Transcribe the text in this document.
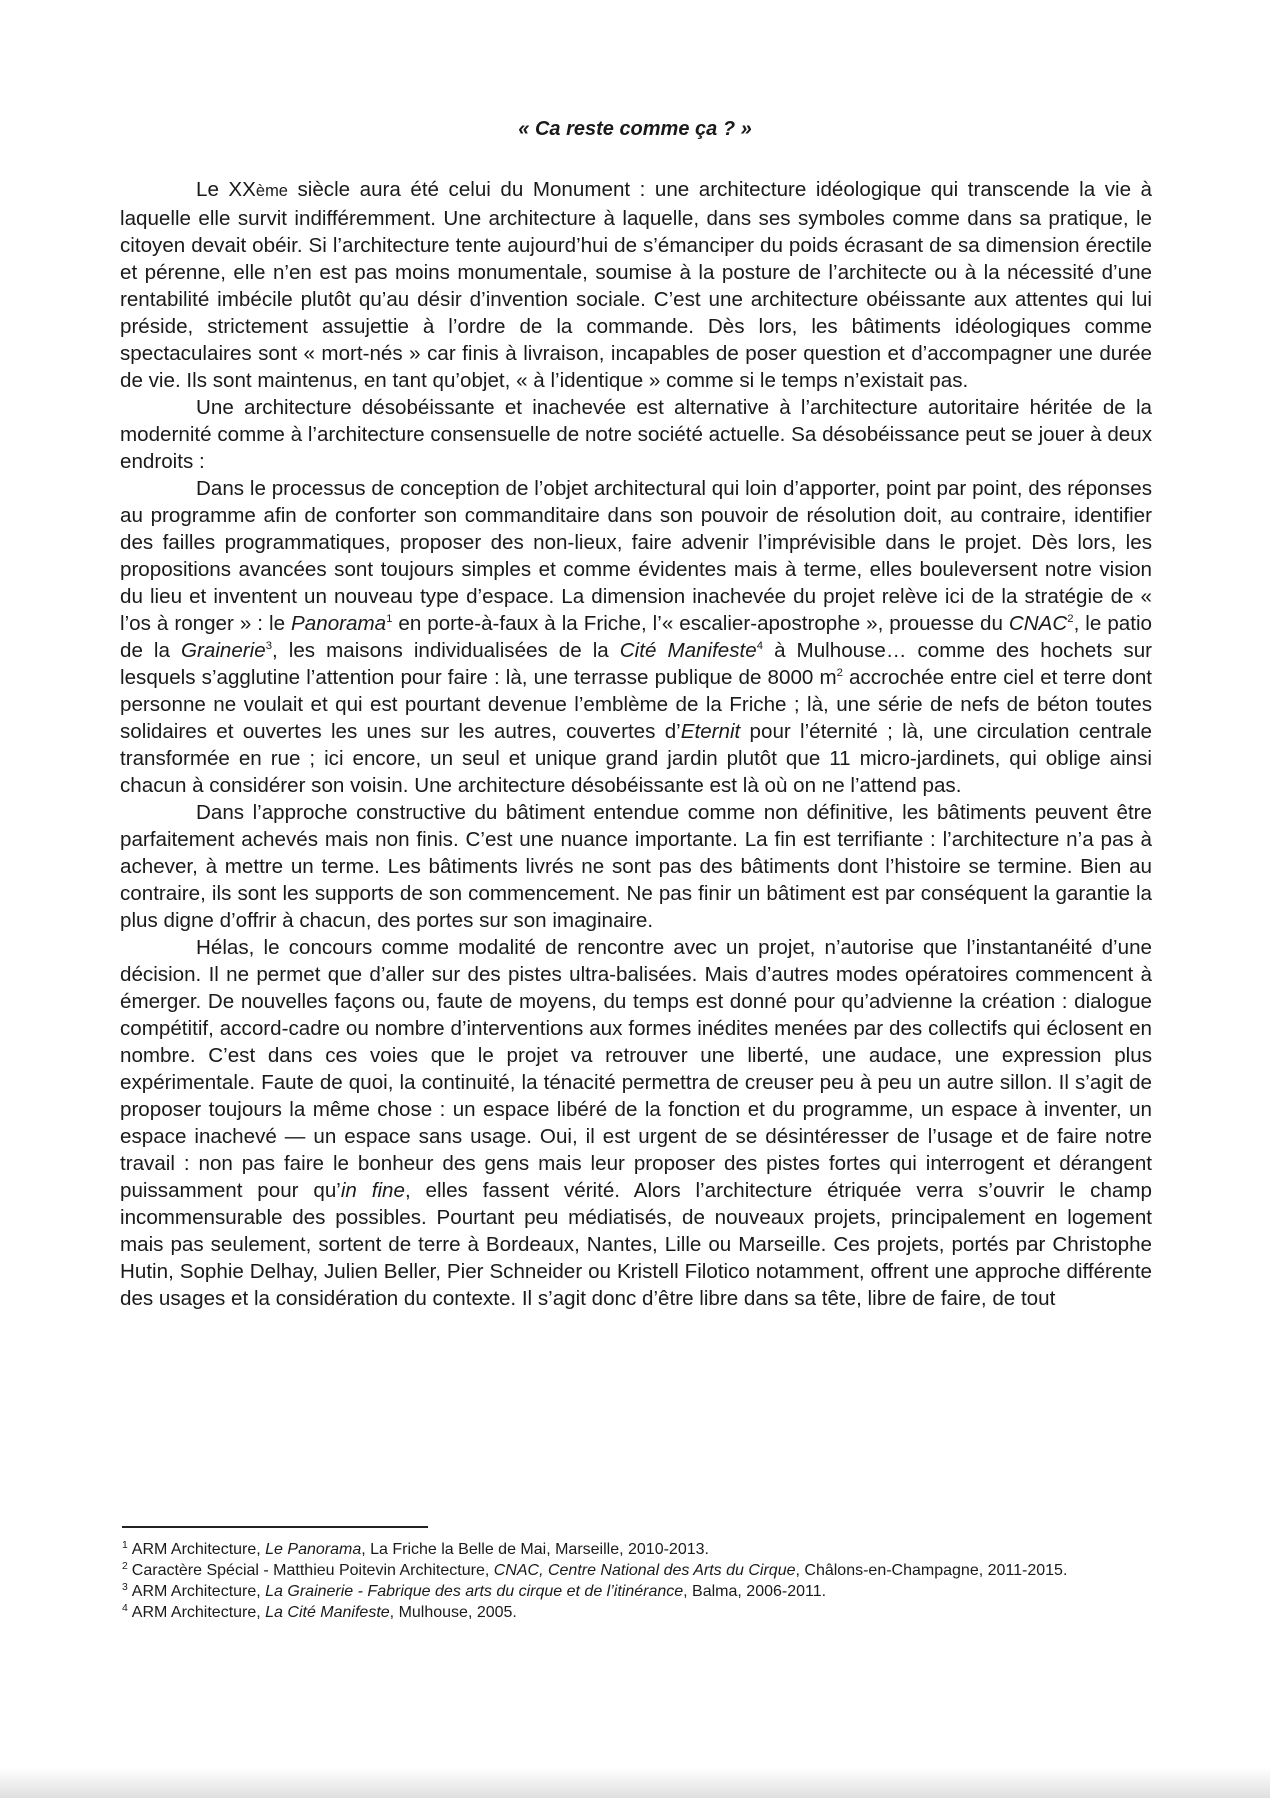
« Ca reste comme ça ? »

Le XXème siècle aura été celui du Monument : une architecture idéologique qui transcende la vie à laquelle elle survit indifféremment. Une architecture à laquelle, dans ses symboles comme dans sa pratique, le citoyen devait obéir. Si l’architecture tente aujourd’hui de s’émanciper du poids écrasant de sa dimension érectile et pérenne, elle n’en est pas moins monumentale, soumise à la posture de l’architecte ou à la nécessité d’une rentabilité imbécile plutôt qu’au désir d’invention sociale. C’est une architecture obéissante aux attentes qui lui préside, strictement assujettie à l’ordre de la commande. Dès lors, les bâtiments idéologiques comme spectaculaires sont « mort-nés » car finis à livraison, incapables de poser question et d’accompagner une durée de vie. Ils sont maintenus, en tant qu’objet, « à l’identique » comme si le temps n’existait pas.

Une architecture désobéissante et inachevée est alternative à l’architecture autoritaire héritée de la modernité comme à l’architecture consensuelle de notre société actuelle. Sa désobéissance peut se jouer à deux endroits :

Dans le processus de conception de l’objet architectural qui loin d’apporter, point par point, des réponses au programme afin de conforter son commanditaire dans son pouvoir de résolution doit, au contraire, identifier des failles programmatiques, proposer des non-lieux, faire advenir l’imprévisible dans le projet. Dès lors, les propositions avancées sont toujours simples et comme évidentes mais à terme, elles bouleversent notre vision du lieu et inventent un nouveau type d’espace. La dimension inachevée du projet relève ici de la stratégie de « l’os à ronger » : le Panorama$^1$ en porte-à-faux à la Friche, l’« escalier-apostrophe », prouesse du CNAC$^2$, le patio de la Grainerie$^3$, les maisons individualisées de la Cité Manifeste$^4$ à Mulhouse… comme des hochets sur lesquels s’agglutine l’attention pour faire : là, une terrasse publique de 8000 $m^2$ accrochée entre ciel et terre dont personne ne voulait et qui est pourtant devenue l’emblème de la Friche ; là, une série de nefs de béton toutes solidaires et ouvertes les unes sur les autres, couvertes d’Eternit pour l’éternité ; là, une circulation centrale transformée en rue ; ici encore, un seul et unique grand jardin plutôt que 11 micro-jardinets, qui oblige ainsi chacun à considérer son voisin. Une architecture désobéissante est là où on ne l’attend pas.

Dans l’approche constructive du bâtiment entendue comme non définitive, les bâtiments peuvent être parfaitement achevés mais non finis. C’est une nuance importante. La fin est terrifiante : l’architecture n’a pas à achever, à mettre un terme. Les bâtiments livrés ne sont pas des bâtiments dont l’histoire se termine. Bien au contraire, ils sont les supports de son commencement. Ne pas finir un bâtiment est par conséquent la garantie la plus digne d’offrir à chacun, des portes sur son imaginaire.

Hélas, le concours comme modalité de rencontre avec un projet, n’autorise que l’instantanéité d’une décision. Il ne permet que d’aller sur des pistes ultra-balisées. Mais d’autres modes opératoires commencent à émerger. De nouvelles façons ou, faute de moyens, du temps est donné pour qu’advienne la création : dialogue compétitif, accord-cadre ou nombre d’interventions aux formes inédites menées par des collectifs qui éclosent en nombre. C’est dans ces voies que le projet va retrouver une liberté, une audace, une expression plus expérimentale. Faute de quoi, la continuité, la ténacité permettra de creuser peu à peu un autre sillon. Il s’agit de proposer toujours la même chose : un espace libéré de la fonction et du programme, un espace à inventer, un espace inachevé — un espace sans usage. Oui, il est urgent de se désintéresser de l’usage et de faire notre travail : non pas faire le bonheur des gens mais leur proposer des pistes fortes qui interrogent et dérangent puissamment pour qu’in fine, elles fassent vérité. Alors l’architecture étriquée verra s’ouvrir le champ incommensurable des possibles. Pourtant peu médiatisés, de nouveaux projets, principalement en logement mais pas seulement, sortent de terre à Bordeaux, Nantes, Lille ou Marseille. Ces projets, portés par Christophe Hutin, Sophie Delhay, Julien Beller, Pier Schneider ou Kristell Filotico notamment, offrent une approche différente des usages et la considération du contexte. Il s’agit donc d’être libre dans sa tête, libre de faire, de tout

$^1$ ARM Architecture, Le Panorama, La Friche la Belle de Mai, Marseille, 2010-2013.

$^2$ Caractère Spécial - Matthieu Poitevin Architecture, CNAC, Centre National des Arts du Cirque, Châlons-en-Champagne, 2011-2015.

$^3$ ARM Architecture, La Grainerie - Fabrique des arts du cirque et de l’itinérance, Balma, 2006-2011.

$^4$ ARM Architecture, La Cité Manifeste, Mulhouse, 2005.
